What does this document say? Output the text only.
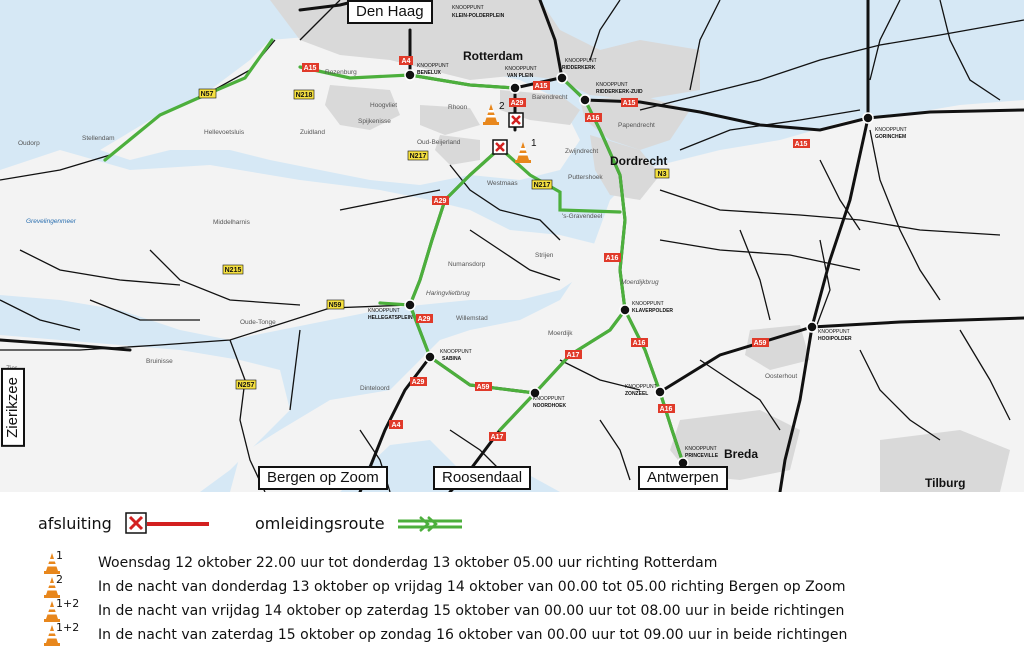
2
1
KNOOPPUNT
KLEIN-POLDERPLEIN
KNOOPPUNT
BENELUX
KNOOPPUNT
VAN PLEIN
KNOOPPUNT
RIDDERKERK
KNOOPPUNT
RIDDERKERK-ZUID
KNOOPPUNT
GORINCHEM
KNOOPPUNT
HELLEGATSPLEIN
KNOOPPUNT
SABINA
KNOOPPUNT
NOORDHOEK
KNOOPPUNT
KLAVERPOLDER
KNOOPPUNT
HOOIPOLDER
KNOOPPUNT
ZONZEEL
KNOOPPUNT
PRINCEVILLE
Rotterdam
Dordrecht
Breda
Tilburg
Rozenburg
Hoogvliet	Rhoon
Barendrecht
Spijkenisse
Zuidland
Hellevoetsluis
Oudorp
Stellendam
Oud-Beijerland
Zwijndrecht
Papendrecht
Westmaas
Puttershoek
's-Gravendeel
Middelharnis
Numansdorp
Strijen
Haringvlietbrug
Moerdijkbrug
Willemstad
Moerdijk
Oude-Tonge
Bruinisse
Dinteloord
Oosterhout
Grevelingenmeer
A15
A4
A29
A15
A15
A16
A15
A29
A29
A29
A4
A59
A17
A17
A16
A16
A16
A59
N57	N218
N217
N217
N3
N215
N59
N257
Den Haag
Bergen op Zoom	Roosendaal	Antwerpen
Zierikzee
afsluiting	omleidingsroute
1	Woensdag 12 oktober 22.00 uur tot donderdag 13 oktober 05.00 uur richting Rotterdam
2	In de nacht van donderdag 13 oktober op vrijdag 14 oktober van 00.00 tot 05.00 richting Bergen op Zoom
1+2 In de nacht van vrijdag 14 oktober op zaterdag 15 oktober van 00.00 uur tot 08.00 uur in beide richtingen
1+2 In de nacht van zaterdag 15 oktober op zondag 16 oktober van 00.00 uur tot 09.00 uur in beide richtingen
